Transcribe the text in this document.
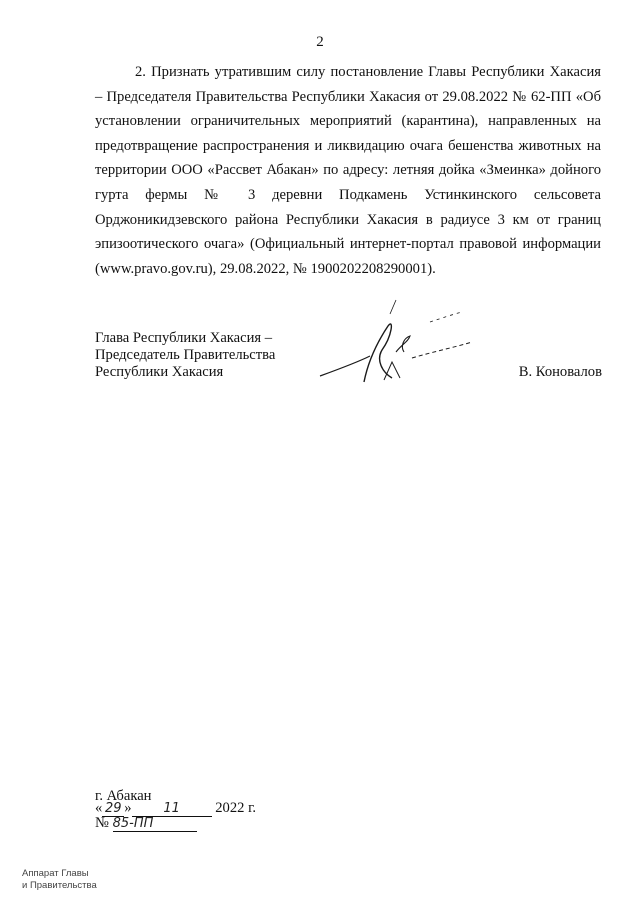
2
2. Признать утратившим силу постановление Главы Республики Хакасия – Председателя Правительства Республики Хакасия от 29.08.2022 № 62-ПП «Об установлении ограничительных мероприятий (карантина), направленных на предотвращение распространения и ликвидацию очага бешенства животных на территории ООО «Рассвет Абакан» по адресу: летняя дойка «Змеинка» дойного гурта фермы № 3 деревни Подкамень Устинкинского сельсовета Орджоникидзевского района Республики Хакасия в радиусе 3 км от границ эпизоотического очага» (Официальный интернет-портал правовой информации (www.pravo.gov.ru), 29.08.2022, № 1900202208290001).
Глава Республики Хакасия –
Председатель Правительства
Республики Хакасия	В. Коновалов
г. Абакан
« 29 » 11 2022 г.
№ 85-ПП
Аппарат Главы
и Правительства
